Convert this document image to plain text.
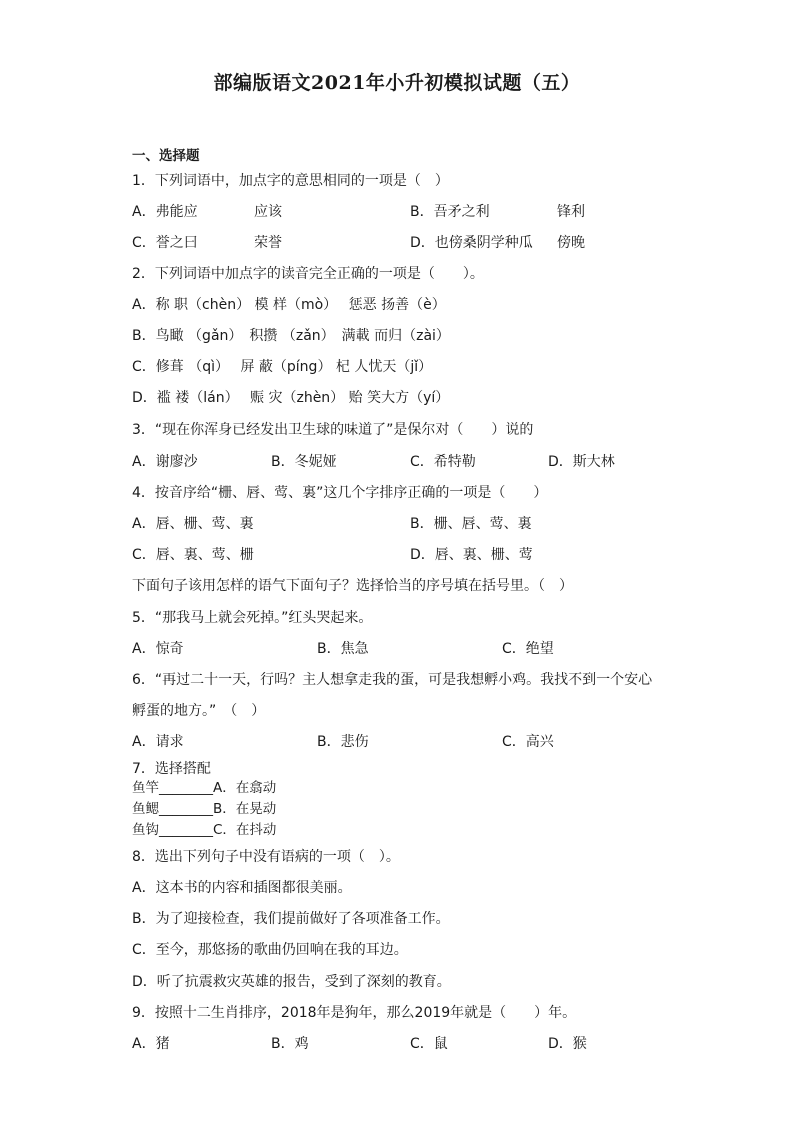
部编版语文2021年小升初模拟试题（五）
一、选择题
1．下列词语中，加点字的意思相同的一项是（　）
A．弗能应	应该	B．吾矛之利	锋利
C．誉之曰	荣誉	D．也傍桑阴学种瓜 傍晚
2．下列词语中加点字的读音完全正确的一项是（　　）。
A．称 职（chèn） 模 样（mò）　 惩恶 扬善（è）
B．鸟瞰 （gǎn）　积攒 （zǎn）　满載 而归（zài）
C．修葺 （qì）　 屏 蔽（píng） 杞 人忧天（jǐ）
D．褴 褛（lán）　 赈 灾（zhèn） 贻 笑大方（yí）
3．“现在你浑身已经发出卫生球的味道了”是保尔对（　　）说的
A．谢廖沙	B．冬妮娅	C．希特勒	D．斯大林
4．按音序给“栅、唇、莺、裏”这几个字排序正确的一项是（　　）
A．唇、栅、莺、裏	B．栅、唇、莺、裏
C．唇、裏、莺、栅	D．唇、裏、栅、莺
下面句子该用怎样的语气下面句子？选择恰当的序号填在括号里。（　）
5．“那我马上就会死掉。”红头哭起来。
A．惊奇	B．焦急	C．绝望
6．“再过二十一天，行吗？主人想拿走我的蛋，可是我想孵小鸡。我找不到一个安心
孵蛋的地方。”　（　）
A．请求	B．悲伤	C．高兴
7．选择搭配
鱼竿________A．在翕动
鱼鳃________B．在晃动
鱼钩________C．在抖动
8．选出下列句子中没有语病的一项（　）。
A．这本书的内容和插图都很美丽。
B．为了迎接检查，我们提前做好了各项准备工作。
C．至今，那悠扬的歌曲仍回响在我的耳边。
D．听了抗震救灾英雄的报告，受到了深刻的教育。
9．按照十二生肖排序，2018年是狗年，那么2019年就是（　　）年。
A．猪	B．鸡	C．鼠	D．猴
